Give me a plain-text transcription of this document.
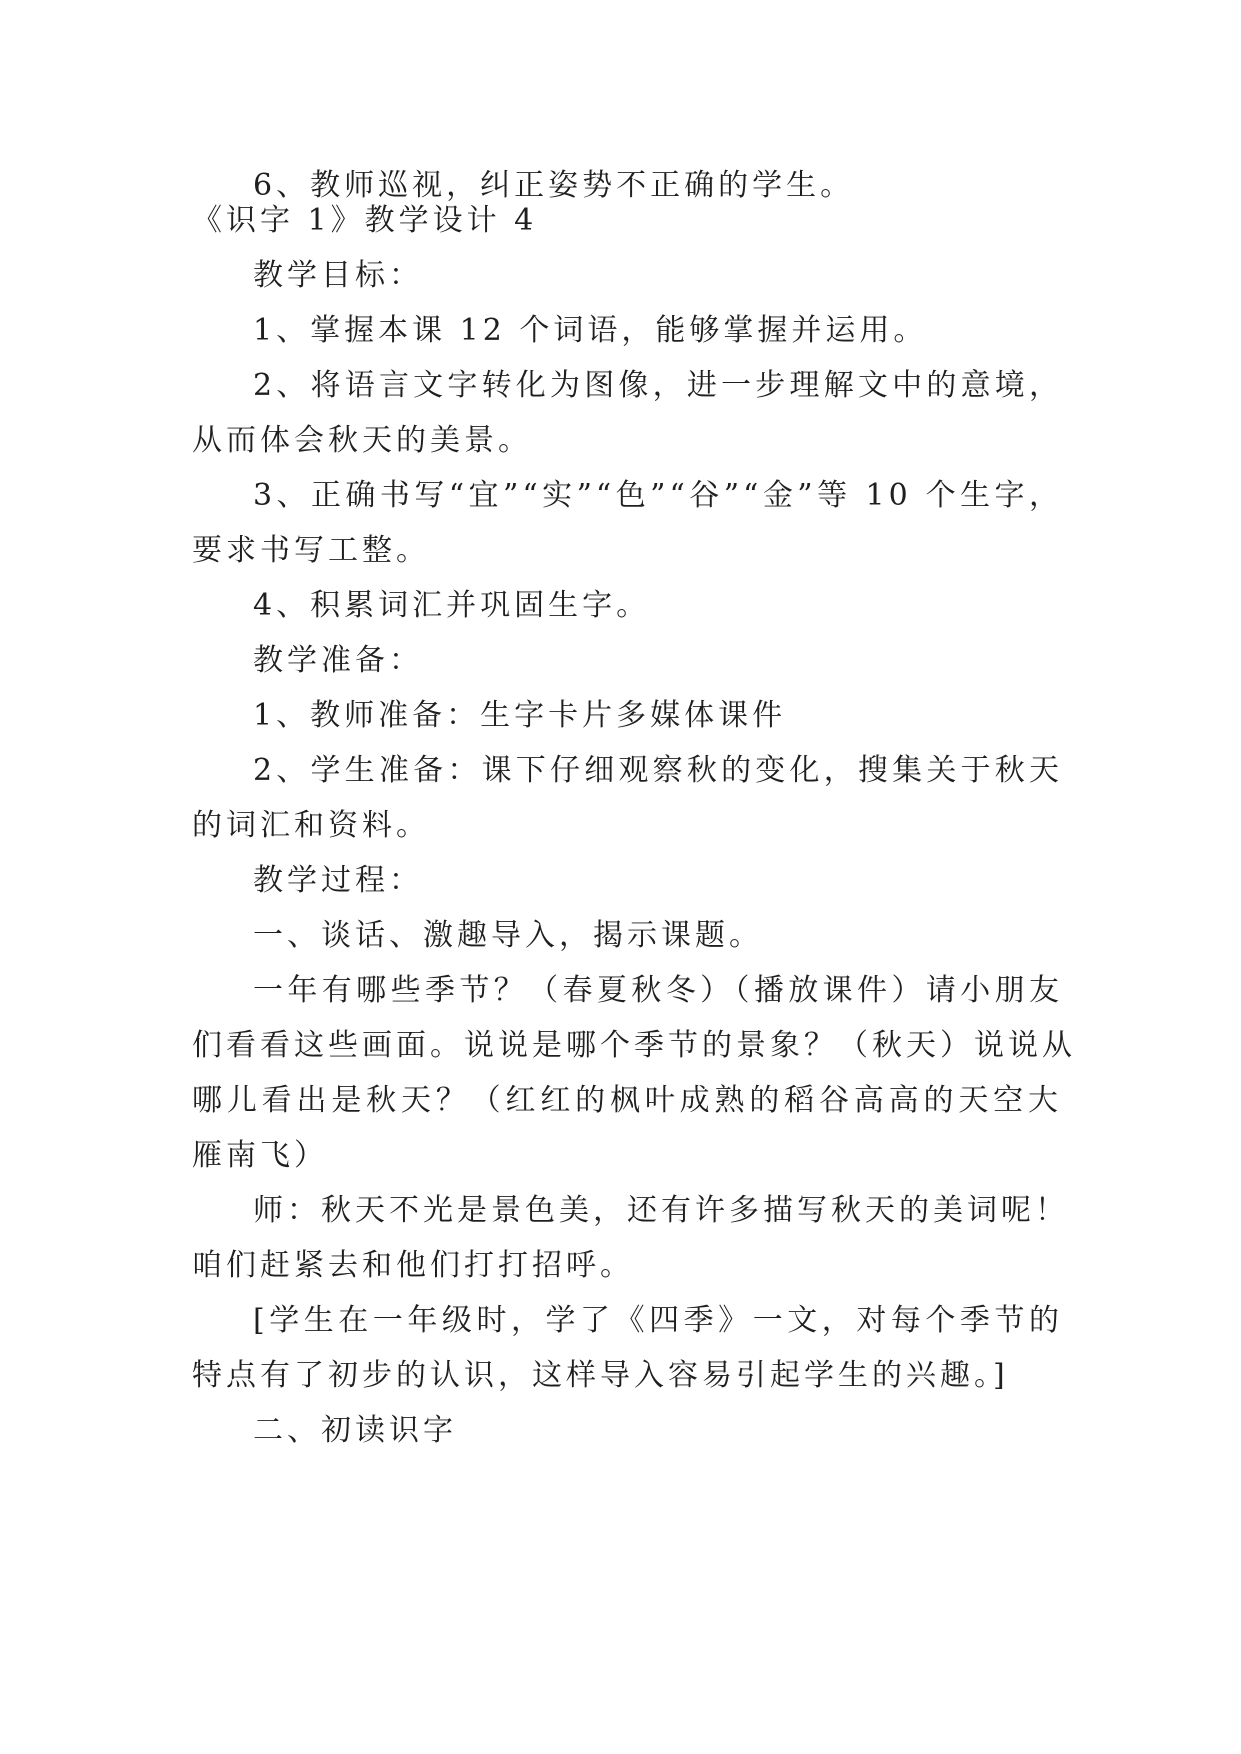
6、教师巡视，纠正姿势不正确的学生。
《识字 1》教学设计 4
教学目标：
1、掌握本课 12 个词语，能够掌握并运用。
2、将语言文字转化为图像，进一步理解文中的意境，
从而体会秋天的美景。
3、正确书写“宜”“实”“色”“谷”“金”等 10 个生字，
要求书写工整。
4、积累词汇并巩固生字。
教学准备：
1、教师准备：生字卡片多媒体课件
2、学生准备：课下仔细观察秋的变化，搜集关于秋天
的词汇和资料。
教学过程：
一、谈话、激趣导入，揭示课题。
一年有哪些季节？（春夏秋冬）（播放课件）请小朋友
们看看这些画面。说说是哪个季节的景象？（秋天）说说从
哪儿看出是秋天？（红红的枫叶成熟的稻谷高高的天空大
雁南飞）
师：秋天不光是景色美，还有许多描写秋天的美词呢！
咱们赶紧去和他们打打招呼。
[学生在一年级时，学了《四季》一文，对每个季节的
特点有了初步的认识，这样导入容易引起学生的兴趣。]
二、初读识字
